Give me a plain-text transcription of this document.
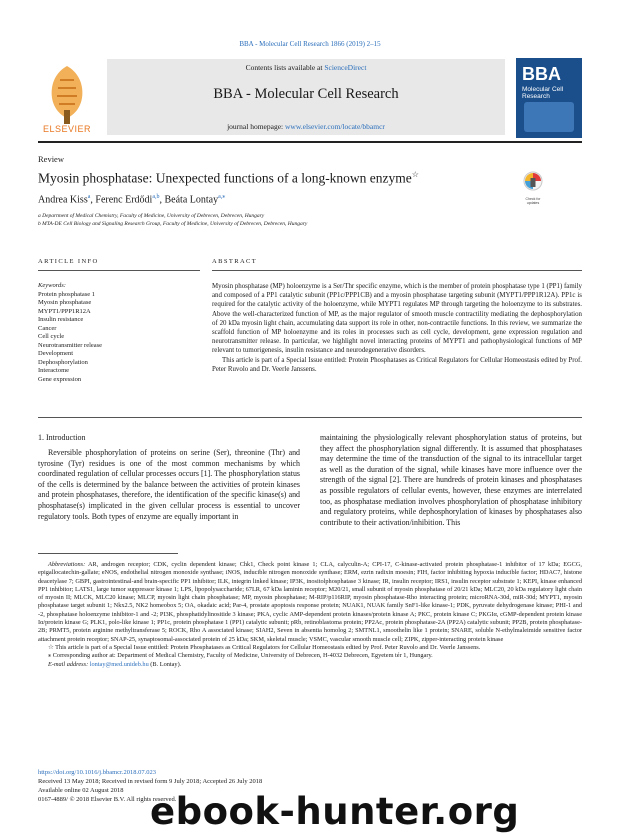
BBA - Molecular Cell Research 1866 (2019) 2–15
ELSEVIER
Contents lists available at ScienceDirect
BBA - Molecular Cell Research
journal homepage: www.elsevier.com/locate/bbamcr
BBA
Molecular Cell Research
Review
Myosin phosphatase: Unexpected functions of a long-known enzyme☆
Check for updates
Andrea Kiss$^a$, Ferenc Erdődi$^{a,b}$, Beáta Lontay$^{a,⁎}$
a Department of Medical Chemistry, Faculty of Medicine, University of Debrecen, Debrecen, Hungary
b MTA-DE Cell Biology and Signaling Research Group, Faculty of Medicine, University of Debrecen, Debrecen, Hungary
ARTICLE INFO	ABSTRACT
Keywords:
Protein phosphatase 1
Myosin phosphatase
MYPT1/PPP1R12A
Insulin resistance
Cancer
Cell cycle
Neurotransmitter release
Development
Dephosphorylation
Interactome
Gene expression

Myosin phosphatase (MP) holoenzyme is a Ser/Thr specific enzyme, which is the member of protein phosphatase type 1 (PP1) family and composed of a PP1 catalytic subunit (PP1c/PPP1CB) and a myosin phosphatase targeting subunit (MYPT1/PPP1R12A). PP1c is required for the catalytic activity of the holoenzyme, while MYPT1 regulates MP through targeting the holoenzyme to its substrates. Above the well-characterized function of MP, as the major regulator of smooth muscle contractility mediating the dephosphorylation of 20 kDa myosin light chain, accumulating data support its role in other, non-contractile functions. In this review, we summarize the scaffold function of MP holoenzyme and its roles in processes such as cell cycle, development, gene expression regulation and neurotransmitter release. In particular, we highlight novel interacting proteins of MYPT1 and pathophysiological functions of MP relevant to tumorigenesis, insulin resistance and neurodegenerative disorders.

This article is part of a Special Issue entitled: Protein Phosphatases as Critical Regulators for Cellular Homeostasis edited by Prof. Peter Ruvolo and Dr. Veerle Janssens.

1. Introduction
Reversible phosphorylation of proteins on serine (Ser), threonine (Thr) and tyrosine (Tyr) residues is one of the most common mechanisms by which coordinated regulation of cellular processes occurs [1]. The phosphorylation status of the cells is determined by the balance between the activities of protein kinases and protein phosphatases, therefore, the identification of the specific kinase(s) and phosphatase(s) implicated in the given cellular process is essential to uncover regulatory tools. Both types of enzyme are equally important in
maintaining the physiologically relevant phosphorylation status of proteins, but they affect the phosphorylation signal differently. It is assumed that phosphatases may determine the time of the transduction of the signal to its intracellular target as well as the duration of the signal, while kinases have more influence over the strength of the signal [2]. There are hundreds of protein kinases and phosphatases as possible regulators of cellular events, however, these enzymes are interrelated too, as phosphatase mediation involves phosphorylation of phosphatase inhibitory and regulatory proteins, while dephosphorylation of kinases by phosphatases also contribute to their activation/inhibition. This

Abbreviations: AR, androgen receptor; CDK, cyclin dependent kinase; Chk1, Check point kinase 1; CLA, calyculin-A; CPI-17, C-kinase-activated protein phosphatase-1 inhibitor of 17 kDa; EGCG, epigallocatechin-gallate; eNOS, endothelial nitrogen monoxide synthase; iNOS, inducible nitrogen monoxide synthase; ERM, ezrin radixin moesin; FIH, factor inhibiting hypoxia inducible factor; HDAC7, histone deacetylase 7; GBPI, gastrointestinal-and brain-specific PP1 inhibitor; ILK, integrin linked kinase; IP3K, inositolphosphatase 3 kinase; IR, insulin receptor; IRS1, insulin receptor substrate 1; KEPI, kinase enhanced PP1 inhibitor; LATS1, large tumor suppressor kinase 1; LPS, lipopolysaccharide; 67LR, 67 kDa laminin receptor; M20/21, small subunit of myosin phosphatase of 20/21 kDa; MLC20, 20 kDa regulatory light chain of myosin II; MLCK, MLC20 kinase; MLCP, myosin light chain phosphatase; MP, myosin phosphatase; M-RIP/p116RIP, myosin phosphatase-Rho interacting protein; microRNA-30d, miR-30d; MYPT1, myosin phosphatase target subunit 1; Nkx2.5, NK2 homeobox 5; OA, okadaic acid; Par-4, prostate apoptosis response protein; NUAK1, NUAK family SnF1-like kinase-1; PDK, pyruvate dehydrogenase kinase; PHI-1 and -2, phosphatase holoenzyme inhibitor-1 and -2; PI3K, phosphatidylinositide 3 kinase; PKA, cyclic AMP-dependent protein kinases/protein kinase A; PKC, protein kinase C; PKGIα, cGMP-dependent protein kinase Iα/protein kinase G; PLK1, polo-like kinase 1; PP1c, protein phosphatase 1 (PP1) catalytic subunit; pRb, retinoblastoma protein; PP2Ac, protein phosphatase-2A (PP2A) catalytic subunit; PP2B, protein phosphatase-2B; PRMT5, protein arginine methyltransferase 5; ROCK, Rho A associated kinase; SIAH2, Seven in absentia homolog 2; SMTNL1, smoothelin like 1 protein; SNARE, soluble N-ethylmaleimide sensitive factor attachment protein receptor; SNAP-25, synaptosomal-associated protein of 25 kDa; SKM, skeletal muscle; VSMC, vascular smooth muscle cell; ZIPK, zipper-interacting protein kinase

☆ This article is part of a Special Issue entitled: Protein Phosphatases as Critical Regulators for Cellular Homeostasis edited by Prof. Peter Ruvolo and Dr. Veerle Janssens.

⁎ Corresponding author at: Department of Medical Chemistry, Faculty of Medicine, University of Debrecen, H-4032 Debrecen, Egyetem tér 1, Hungary.

E-mail address: lontay@med.unideb.hu (B. Lontay).

https://doi.org/10.1016/j.bbamcr.2018.07.023
Received 13 May 2018; Received in revised form 9 July 2018; Accepted 26 July 2018
Available online 02 August 2018
0167-4889/ © 2018 Elsevier B.V. All rights reserved.
ebook-hunter.org
